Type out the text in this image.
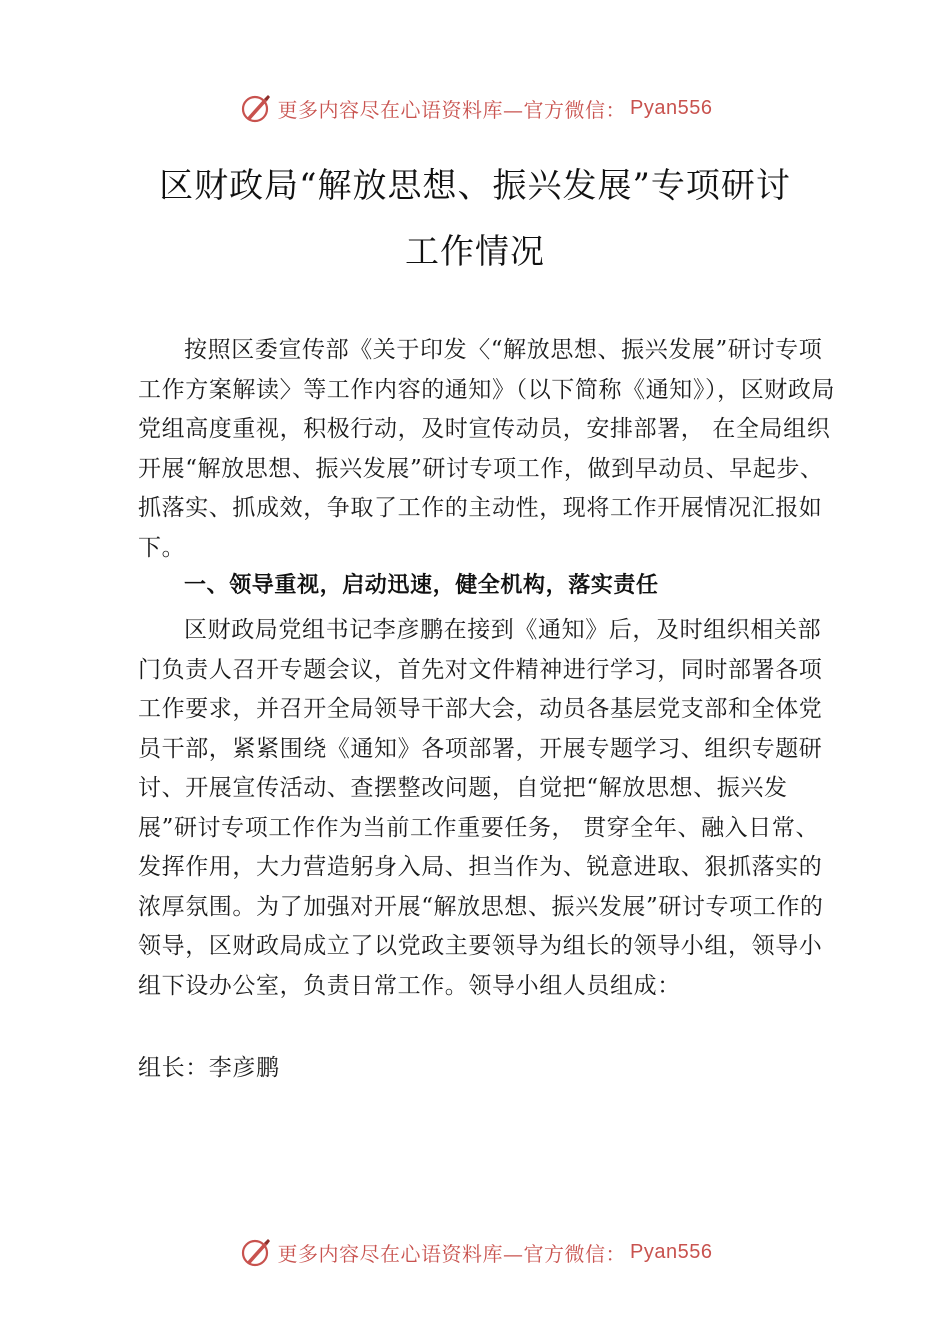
更多内容尽在心语资料库—官方微信： Pyan556
区财政局“解放思想、振兴发展”专项研讨
工作情况
按照区委宣传部《关于印发〈“解放思想、振兴发展”研讨专项工作方案解读〉等工作内容的通知》（以下简称《通知》），区财政局党组高度重视，积极行动，及时宣传动员，安排部署， 在全局组织开展“解放思想、振兴发展”研讨专项工作，做到早动员、早起步、抓落实、抓成效，争取了工作的主动性，现将工作开展情况汇报如下。
一、领导重视，启动迅速，健全机构，落实责任
区财政局党组书记李彦鹏在接到《通知》后，及时组织相关部门负责人召开专题会议，首先对文件精神进行学习，同时部署各项工作要求，并召开全局领导干部大会，动员各基层党支部和全体党员干部，紧紧围绕《通知》各项部署，开展专题学习、组织专题研讨、开展宣传活动、查摆整改问题，自觉把“解放思想、振兴发展”研讨专项工作作为当前工作重要任务， 贯穿全年、融入日常、发挥作用，大力营造躬身入局、担当作为、锐意进取、狠抓落实的浓厚氛围。为了加强对开展“解放思想、振兴发展”研讨专项工作的领导，区财政局成立了以党政主要领导为组长的领导小组，领导小组下设办公室，负责日常工作。领导小组人员组成：
组长：李彦鹏
更多内容尽在心语资料库—官方微信： Pyan556
